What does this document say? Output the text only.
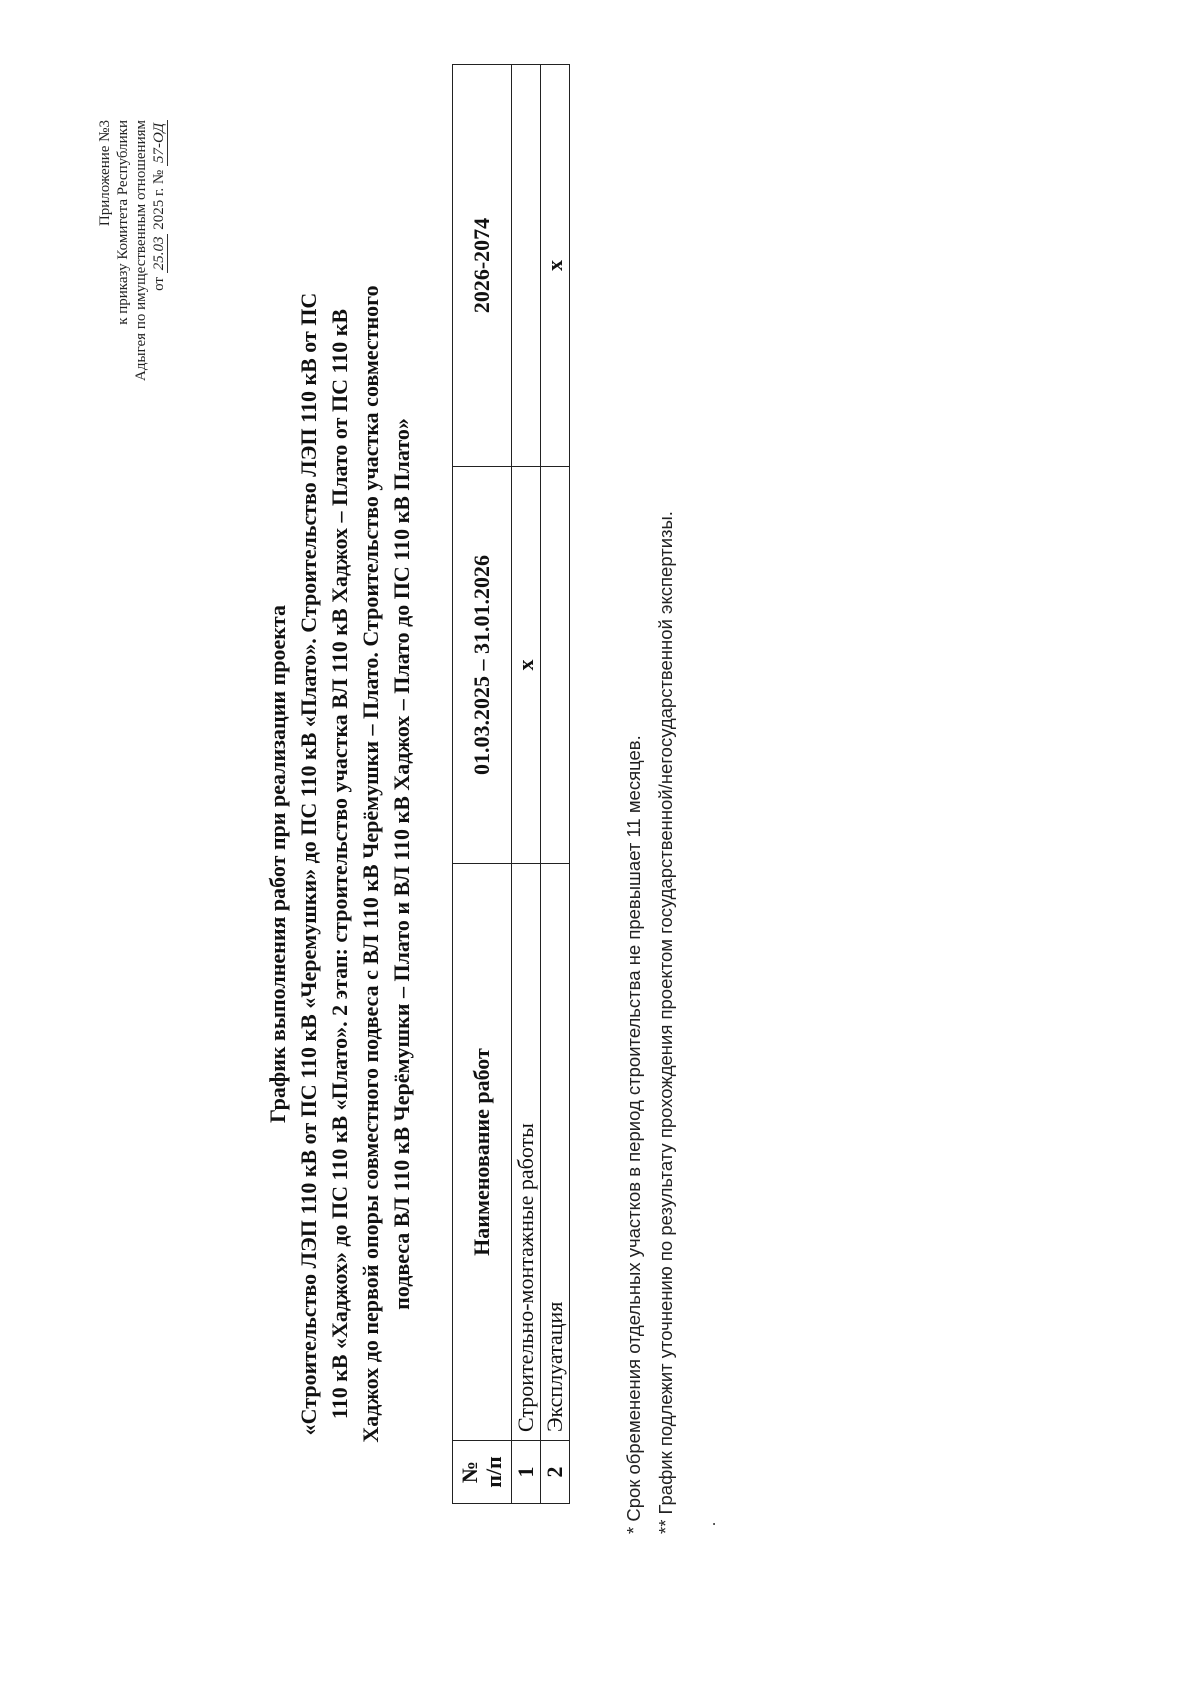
Приложение №3 к приказу Комитета Республики Адыгея по имущественным отношениям от 25.03 2025 г. № 57-ОД
График выполнения работ при реализации проекта «Строительство ЛЭП 110 кВ от ПС 110 кВ «Черемушки» до ПС 110 кВ «Плато». Строительство ЛЭП 110 кВ от ПС 110 кВ «Хаджох» до ПС 110 кВ «Плато». 2 этап: строительство участка ВЛ 110 кВ Хаджох – Плато от ПС 110 кВ Хаджох до первой опоры совместного подвеса с ВЛ 110 кВ Черёмушки – Плато. Строительство участка совместного подвеса ВЛ 110 кВ Черёмушки – Плато и ВЛ 110 кВ Хаджох – Плато до ПС 110 кВ Плато»
№ п/п	Наименование работ	01.03.2025 – 31.01.2026	2026-2074
1	Строительно-монтажные работы	x	
2	Эксплуатация		x
* Срок обременения отдельных участков в период строительства не превышает 11 месяцев. ** График подлежит уточнению по результату прохождения проектом государственной/негосударственной экспертизы.	.
